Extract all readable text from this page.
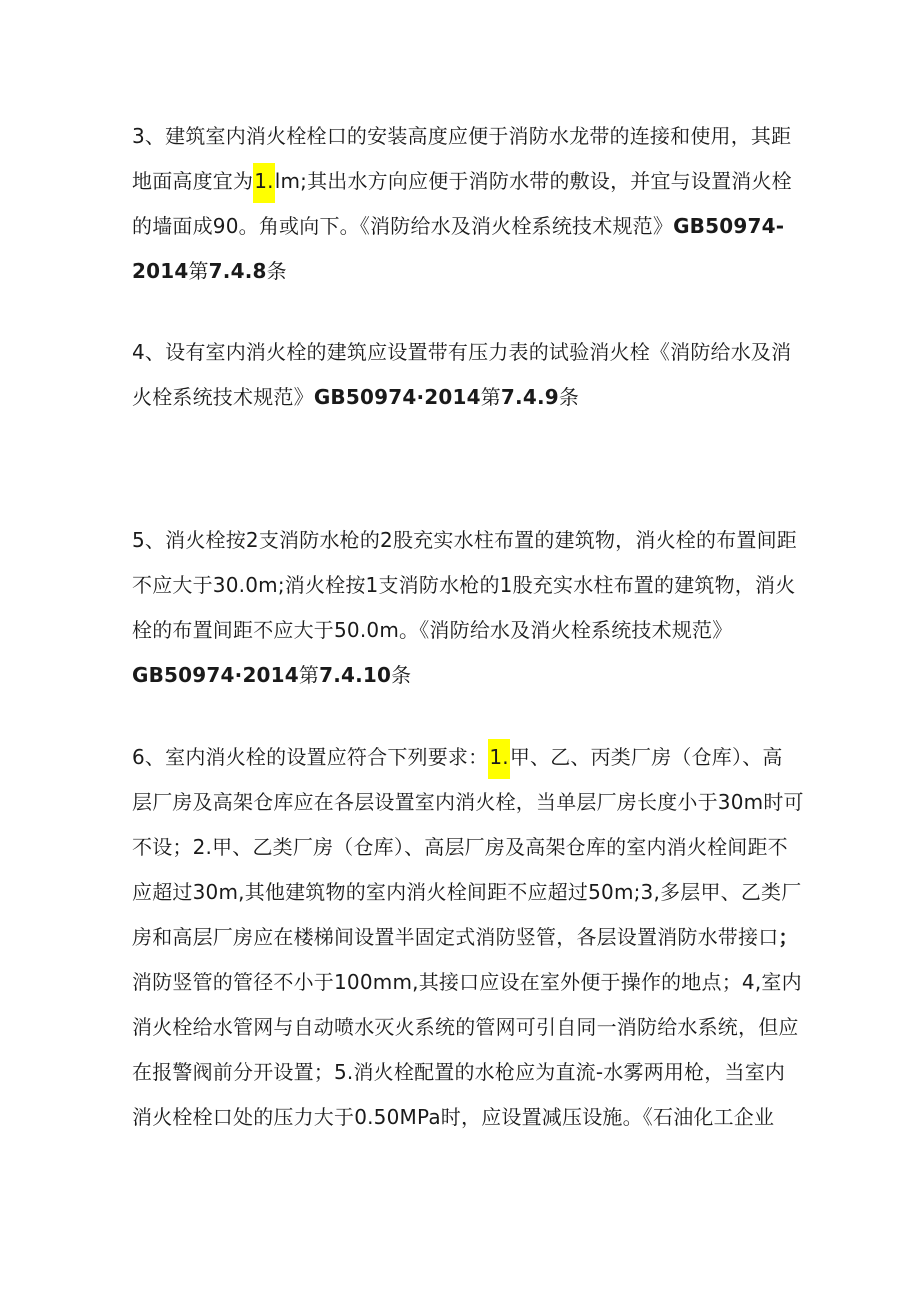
3、建筑室内消火栓栓口的安装高度应便于消防水龙带的连接和使用，其距
地面高度宜为1.lm;其出水方向应便于消防水带的敷设，并宜与设置消火栓
的墙面成90。角或向下。《消防给水及消火栓系统技术规范》GB50974-
2014第7.4.8条
4、设有室内消火栓的建筑应设置带有压力表的试验消火栓《消防给水及消
火栓系统技术规范》GB50974·2014第7.4.9条
5、消火栓按2支消防水枪的2股充实水柱布置的建筑物，消火栓的布置间距
不应大于30.0m;消火栓按1支消防水枪的1股充实水柱布置的建筑物，消火
栓的布置间距不应大于50.0m。《消防给水及消火栓系统技术规范》
GB50974·2014第7.4.10条
6、室内消火栓的设置应符合下列要求：1.甲、乙、丙类厂房（仓库）、高
层厂房及高架仓库应在各层设置室内消火栓，当单层厂房长度小于30m时可
不设；2.甲、乙类厂房（仓库）、高层厂房及高架仓库的室内消火栓间距不
应超过30m,其他建筑物的室内消火栓间距不应超过50m;3,多层甲、乙类厂
房和高层厂房应在楼梯间设置半固定式消防竖管，各层设置消防水带接口；
消防竖管的管径不小于100mm,其接口应设在室外便于操作的地点；4,室内
消火栓给水管网与自动喷水灭火系统的管网可引自同一消防给水系统，但应
在报警阀前分开设置；5.消火栓配置的水枪应为直流-水雾两用枪，当室内
消火栓栓口处的压力大于0.50MPa时，应设置减压设施。《石油化工企业
